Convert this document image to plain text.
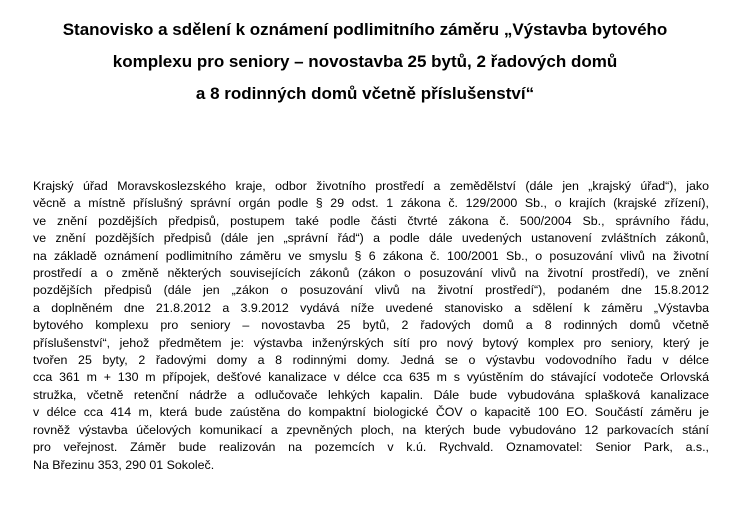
Stanovisko a sdělení k oznámení podlimitního záměru „Výstavba bytového
komplexu pro seniory – novostavba 25 bytů, 2 řadových domů
a 8 rodinných domů včetně příslušenství“
Krajský úřad Moravskoslezského kraje, odbor životního prostředí a zemědělství (dále jen „krajský úřad“), jako
věcně a místně příslušný správní orgán podle § 29 odst. 1 zákona č. 129/2000 Sb., o krajích (krajské zřízení),
ve znění pozdějších předpisů, postupem také podle části čtvrté zákona č. 500/2004 Sb., správního řádu,
ve znění pozdějších předpisů (dále jen „správní řád“) a podle dále uvedených ustanovení zvláštních zákonů,
na základě oznámení podlimitního záměru ve smyslu § 6 zákona č. 100/2001 Sb., o posuzování vlivů na životní
prostředí a o změně některých souvisejících zákonů (zákon o posuzování vlivů na životní prostředí), ve znění
pozdějších předpisů (dále jen „zákon o posuzování vlivů na životní prostředí“), podaném dne 15.8.2012
a doplněném dne 21.8.2012 a 3.9.2012 vydává níže uvedené stanovisko a sdělení k záměru „Výstavba
bytového komplexu pro seniory – novostavba 25 bytů, 2 řadových domů a 8 rodinných domů včetně
příslušenství“, jehož předmětem je: výstavba inženýrských sítí pro nový bytový komplex pro seniory, který je
tvořen 25 byty, 2 řadovými domy a 8 rodinnými domy. Jedná se o výstavbu vodovodního řadu v délce
cca 361 m + 130 m přípojek, dešťové kanalizace v délce cca 635 m s vyústěním do stávající vodoteče Orlovská
stružka, včetně retenční nádrže a odlučovače lehkých kapalin. Dále bude vybudována splašková kanalizace
v délce cca 414 m, která bude zaústěna do kompaktní biologické ČOV o kapacitě 100 EO. Součástí záměru je
rovněž výstavba účelových komunikací a zpevněných ploch, na kterých bude vybudováno 12 parkovacích stání
pro veřejnost. Záměr bude realizován na pozemcích v k.ú. Rychvald. Oznamovatel: Senior Park, a.s.,
Na Březinu 353, 290 01 Sokoleč.
